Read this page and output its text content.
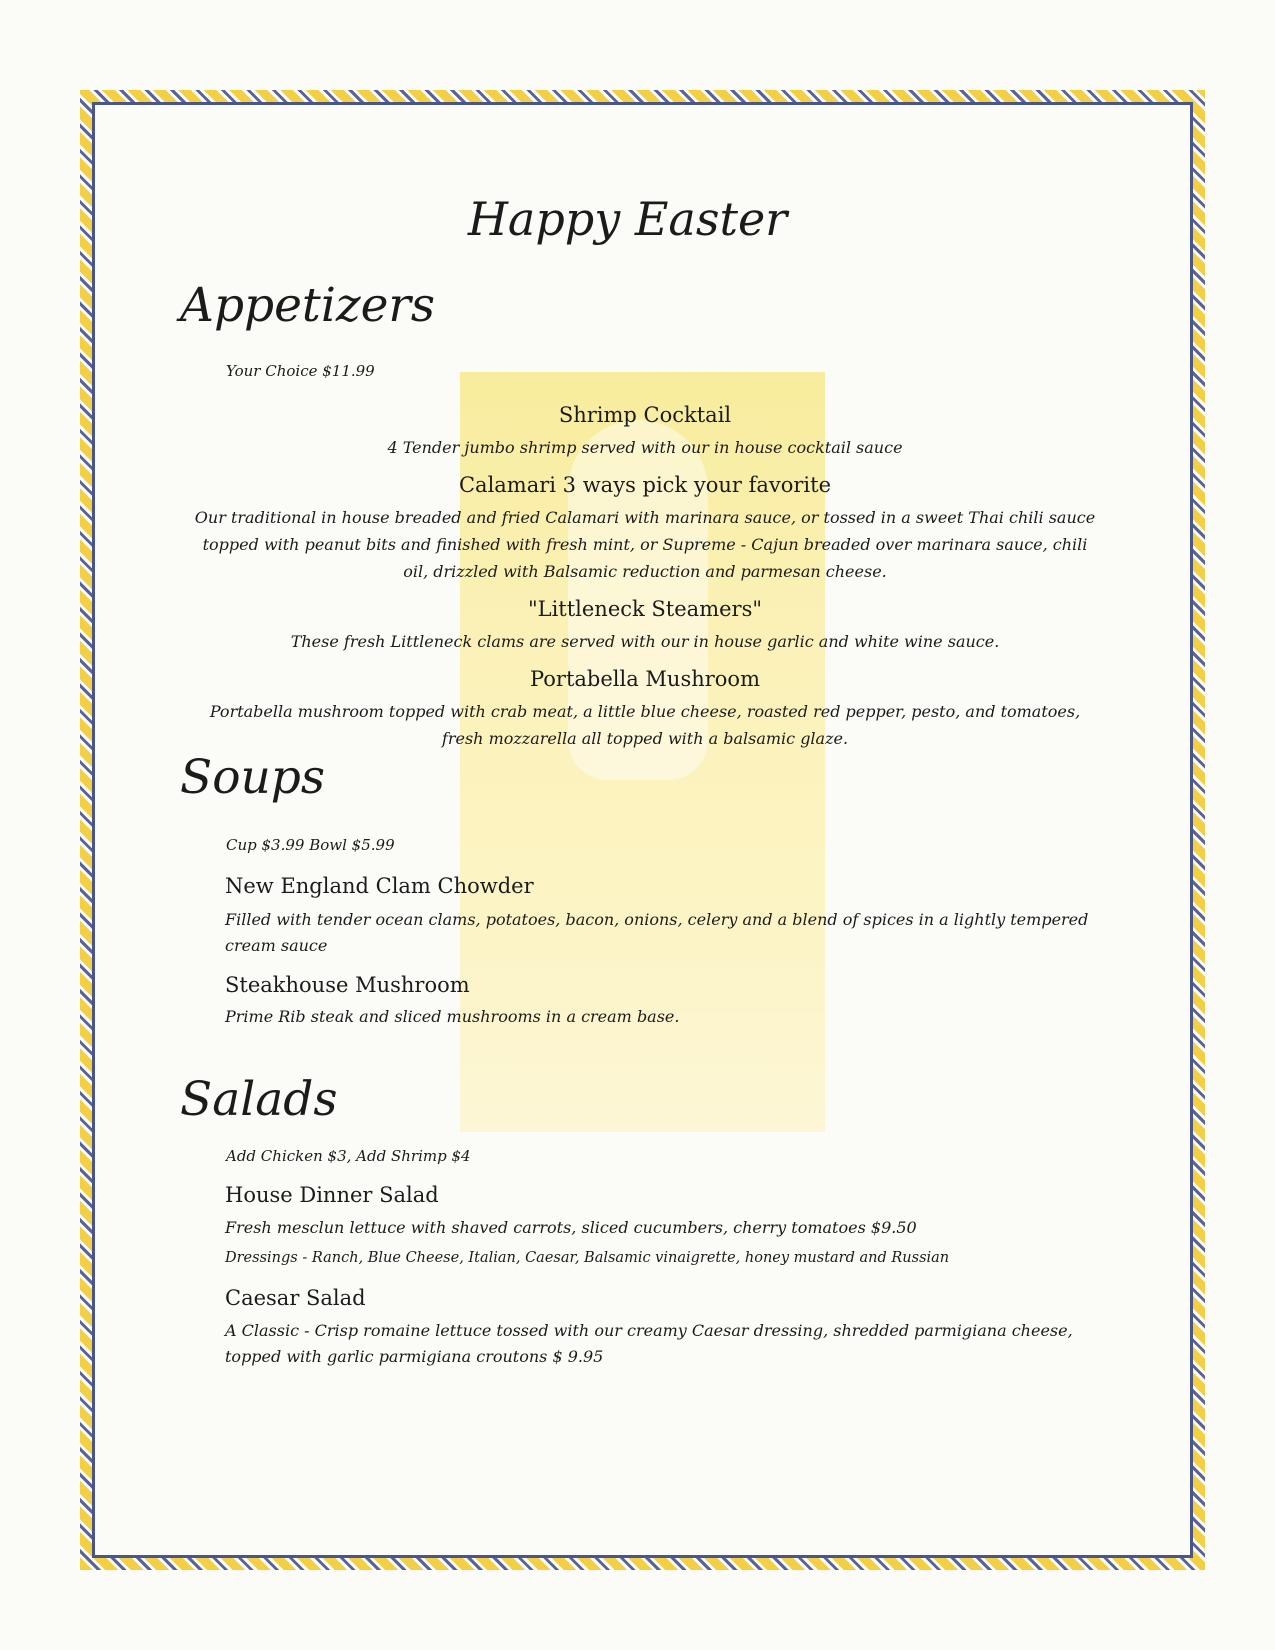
Happy Easter
Appetizers
Your Choice $11.99
Shrimp Cocktail
4 Tender jumbo shrimp served with our in house cocktail sauce
Calamari 3 ways pick your favorite
Our traditional in house breaded and fried Calamari with marinara sauce, or tossed in a sweet Thai chili sauce topped with peanut bits and finished with fresh mint, or Supreme - Cajun breaded over marinara sauce, chili oil, drizzled with Balsamic reduction and parmesan cheese.
"Littleneck Steamers"
These fresh Littleneck clams are served with our in house garlic and white wine sauce.
Portabella Mushroom
Portabella mushroom topped with crab meat, a little blue cheese, roasted red pepper, pesto, and tomatoes, fresh mozzarella all topped with a balsamic glaze.
Soups
Cup $3.99 Bowl $5.99
New England Clam Chowder
Filled with tender ocean clams, potatoes, bacon, onions, celery and a blend of spices in a lightly tempered cream sauce
Steakhouse Mushroom
Prime Rib steak and sliced mushrooms in a cream base.
Salads
Add Chicken $3, Add Shrimp $4
House Dinner Salad
Fresh mesclun lettuce with shaved carrots, sliced cucumbers, cherry tomatoes $9.50
Dressings - Ranch, Blue Cheese, Italian, Caesar, Balsamic vinaigrette, honey mustard and Russian
Caesar Salad
A Classic - Crisp romaine lettuce tossed with our creamy Caesar dressing, shredded parmigiana cheese, topped with garlic parmigiana croutons $ 9.95
